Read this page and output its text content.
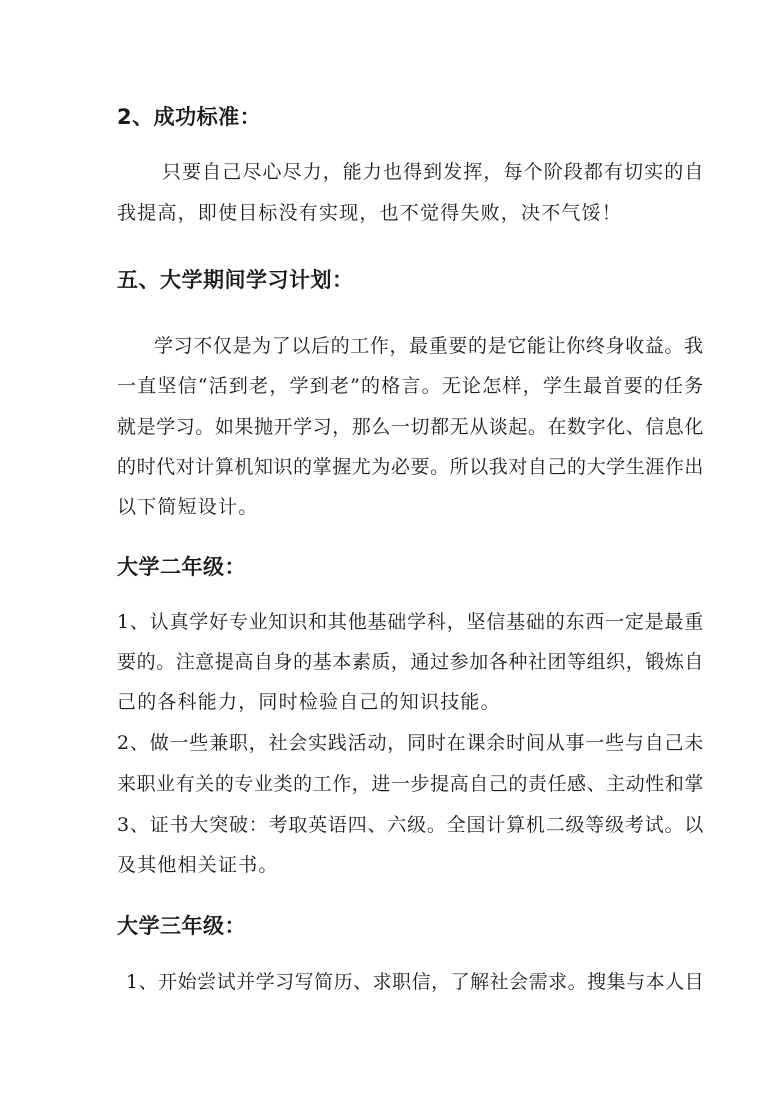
2、成功标准：
只要自己尽心尽力，能力也得到发挥，每个阶段都有切实的自
我提高，即使目标没有实现，也不觉得失败，决不气馁！
五、大学期间学习计划：
学习不仅是为了以后的工作，最重要的是它能让你终身收益。我
一直坚信“活到老，学到老”的格言。无论怎样，学生最首要的任务
就是学习。如果抛开学习，那么一切都无从谈起。在数字化、信息化
的时代对计算机知识的掌握尤为必要。所以我对自己的大学生涯作出
以下简短设计。
大学二年级：
1、认真学好专业知识和其他基础学科，坚信基础的东西一定是最重
要的。注意提高自身的基本素质，通过参加各种社团等组织，锻炼自
己的各科能力，同时检验自己的知识技能。
2、做一些兼职，社会实践活动，同时在课余时间从事一些与自己未
来职业有关的专业类的工作，进一步提高自己的责任感、主动性和掌
3、证书大突破：考取英语四、六级。全国计算机二级等级考试。以
及其他相关证书。
大学三年级：
1、开始尝试并学习写简历、求职信，了解社会需求。搜集与本人目
